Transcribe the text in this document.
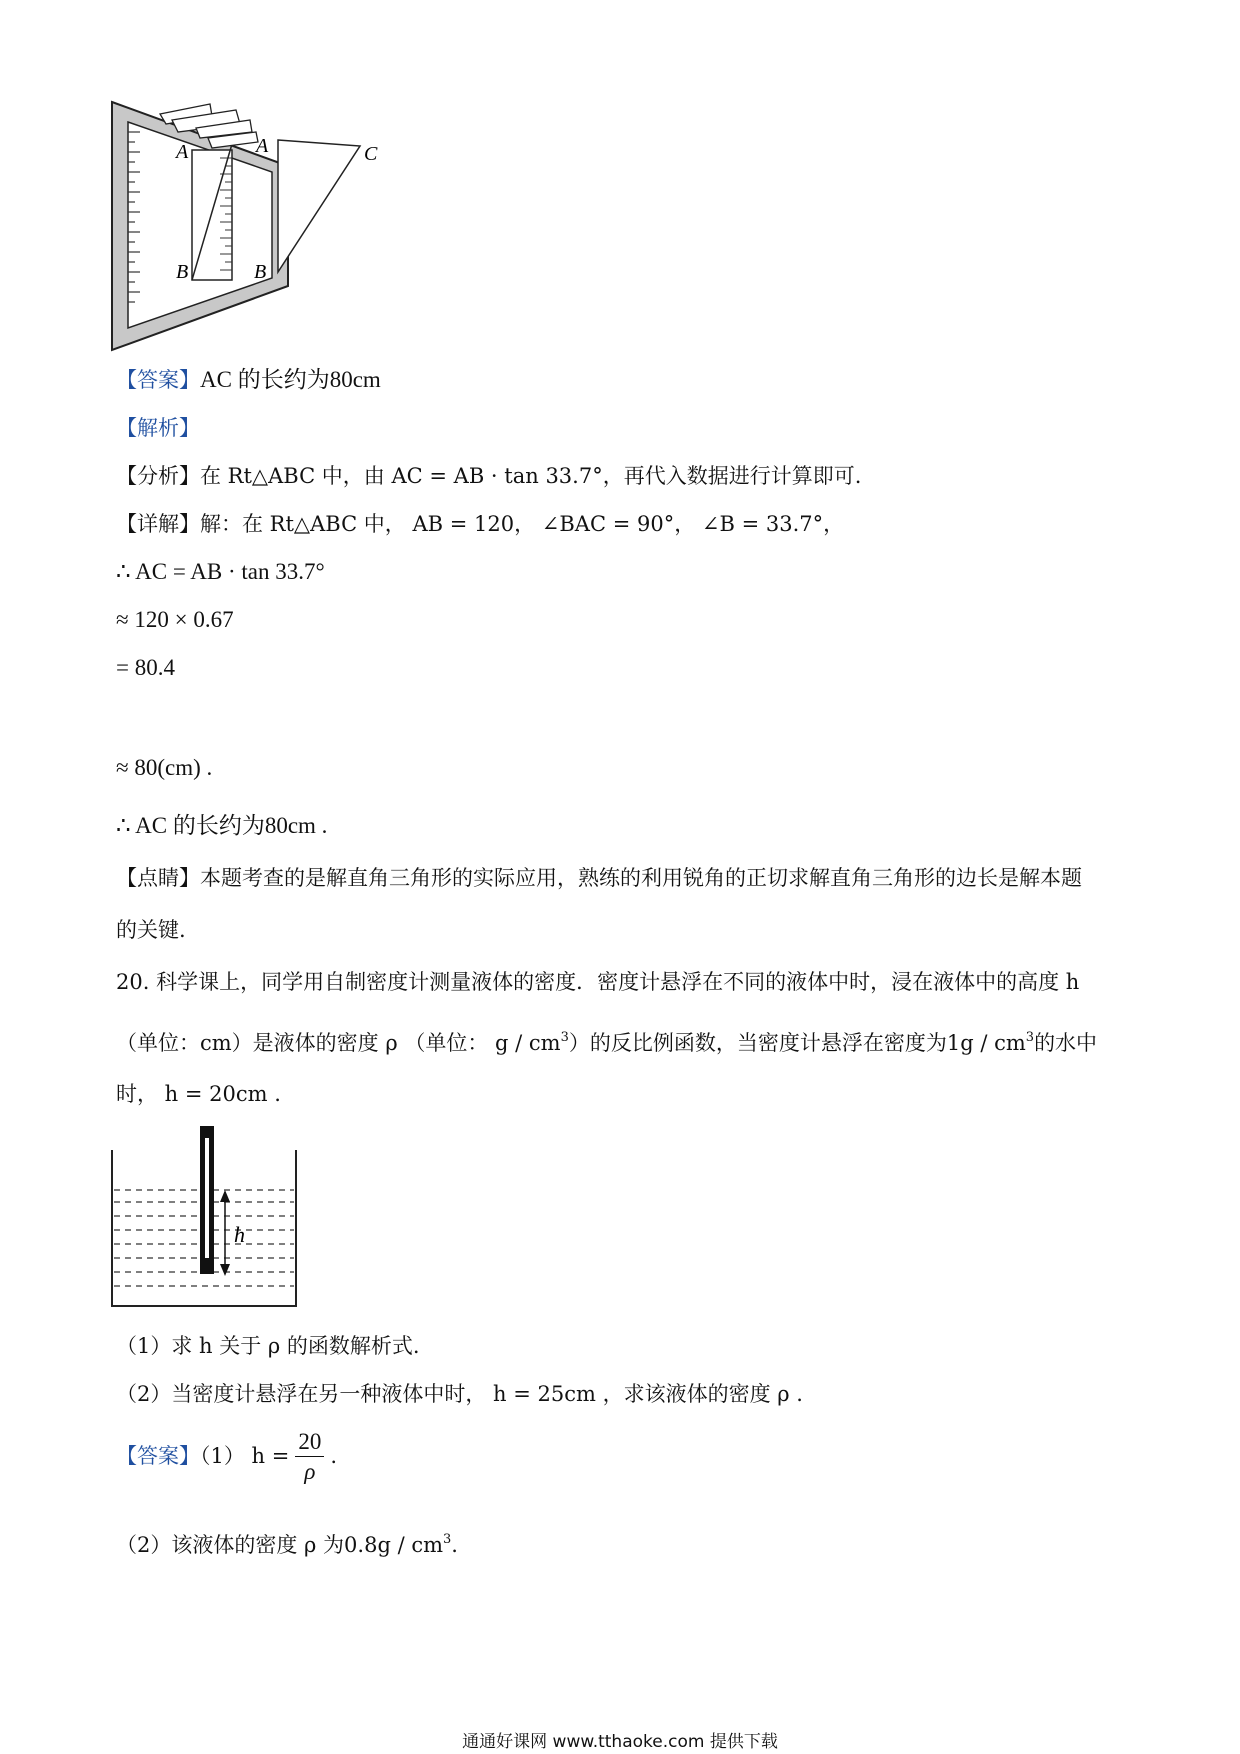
A	A	C
B	B
【答案】AC 的长约为80cm
【解析】
【分析】在 Rt△ABC 中，由 AC = AB · tan 33.7°，再代入数据进行计算即可.
【详解】解：在 Rt△ABC 中， AB = 120， ∠BAC = 90°， ∠B = 33.7°，
∴ AC = AB · tan 33.7°
≈ 120 × 0.67
= 80.4
≈ 80(cm) .
∴ AC 的长约为80cm .
【点睛】本题考查的是解直角三角形的实际应用，熟练的利用锐角的正切求解直角三角形的边长是解本题
的关键.
20. 科学课上，同学用自制密度计测量液体的密度．密度计悬浮在不同的液体中时，浸在液体中的高度 h
（单位：cm）是液体的密度 ρ （单位： g / $cm^3$）的反比例函数，当密度计悬浮在密度为$1g / cm^3$的水中
时， h = 20cm .
h
（1）求 h 关于 ρ 的函数解析式.
（2）当密度计悬浮在另一种液体中时， h = 25cm ，求该液体的密度 ρ .
【答案】（1） $h = \frac{20}{\rho}$ .
（2）该液体的密度 ρ 为$0.8g / cm^3$.
通通好课网 www.tthaoke.com 提供下载
